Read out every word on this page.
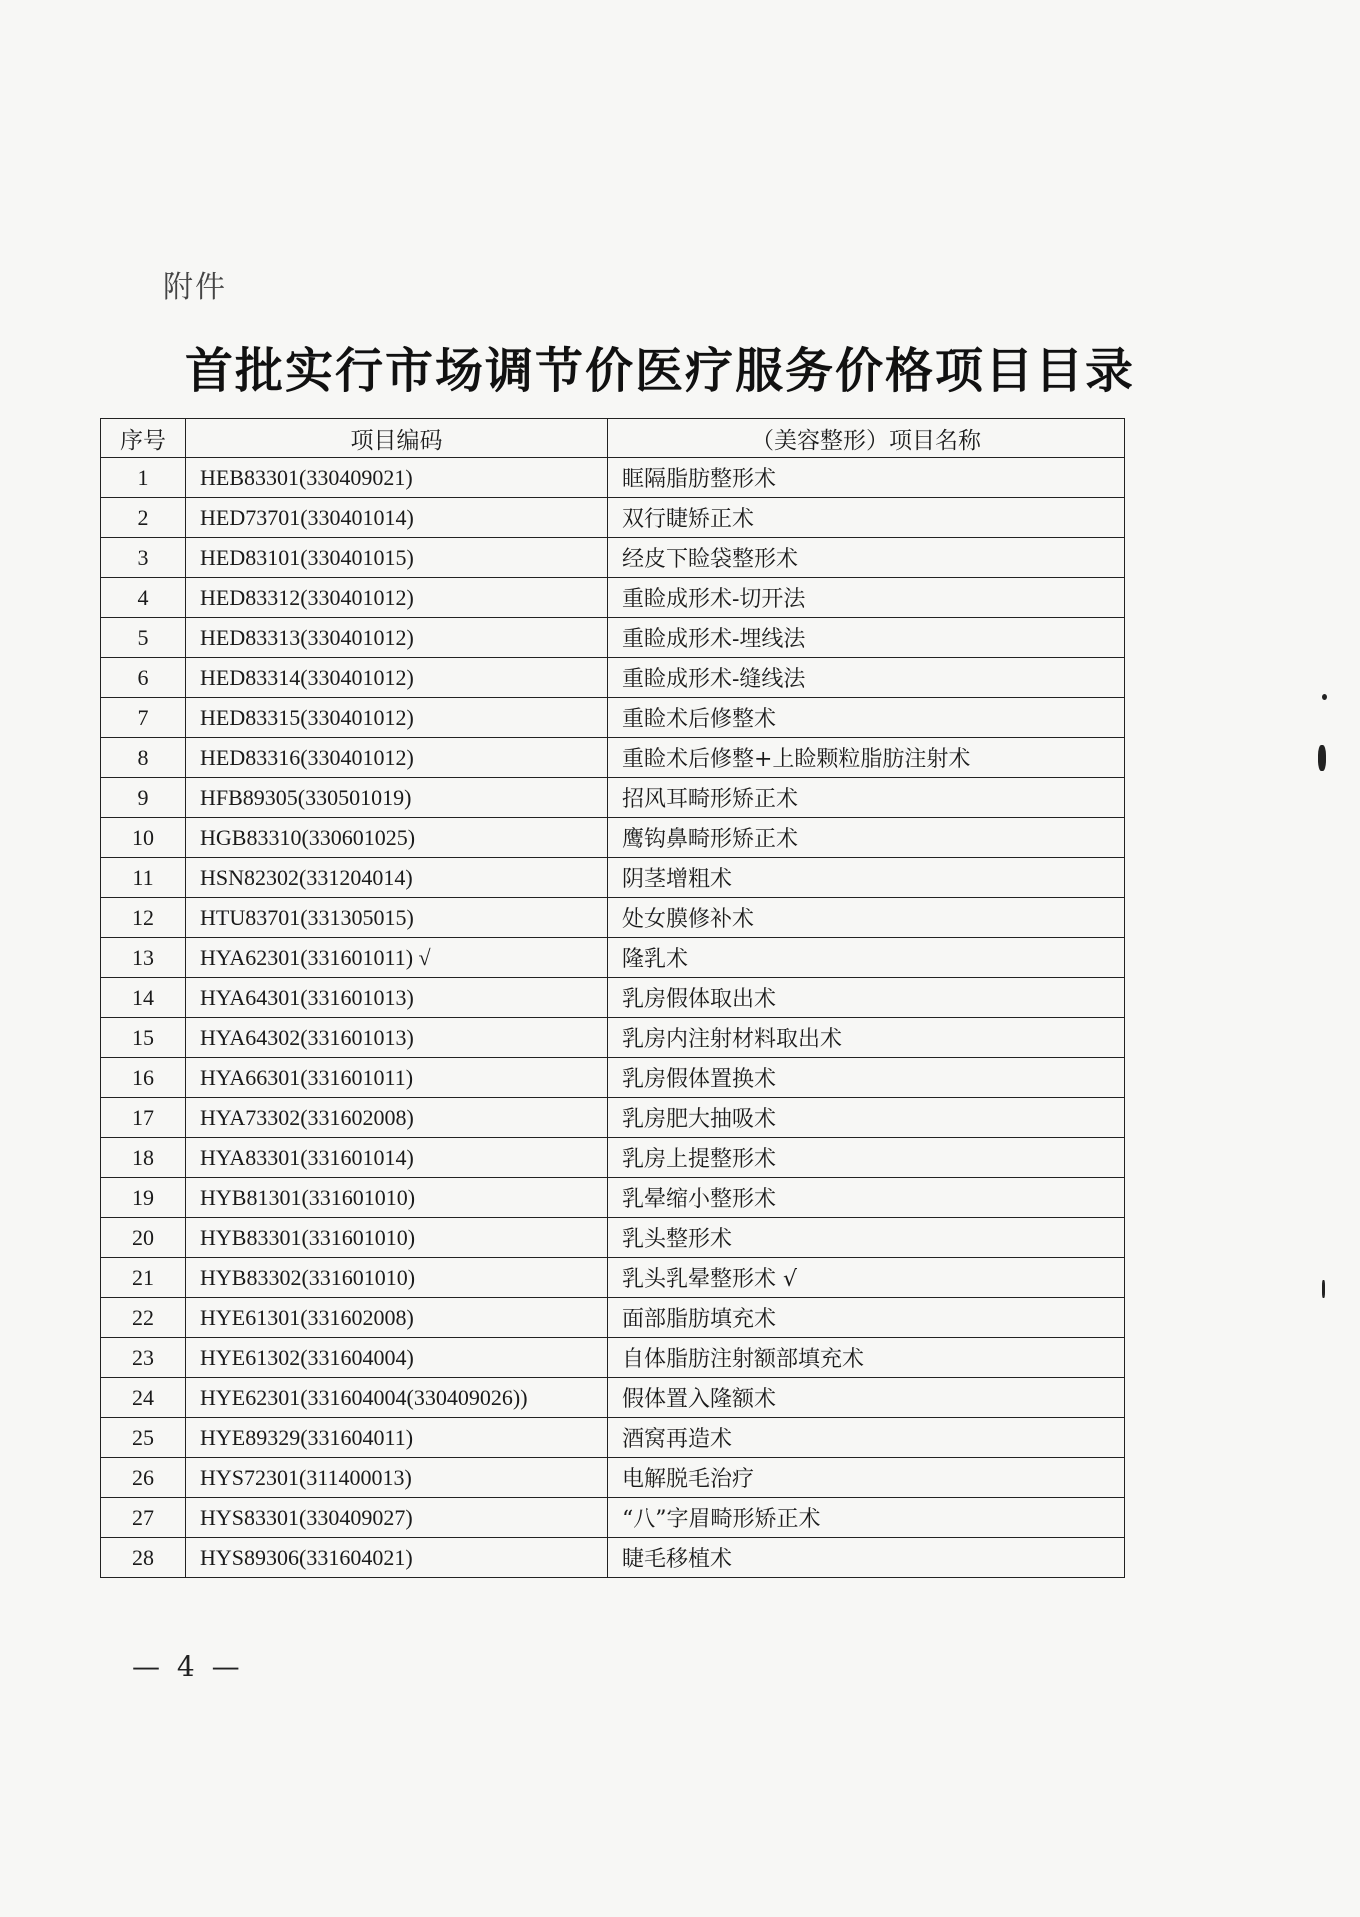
附件
首批实行市场调节价医疗服务价格项目目录
序号	项目编码	（美容整形）项目名称
1	HEB83301(330409021)	眶隔脂肪整形术
2	HED73701(330401014)	双行睫矫正术
3	HED83101(330401015)	经皮下睑袋整形术
4	HED83312(330401012)	重睑成形术-切开法
5	HED83313(330401012)	重睑成形术-埋线法
6	HED83314(330401012)	重睑成形术-缝线法
7	HED83315(330401012)	重睑术后修整术
8	HED83316(330401012)	重睑术后修整+上睑颗粒脂肪注射术
9	HFB89305(330501019)	招风耳畸形矫正术
10	HGB83310(330601025)	鹰钩鼻畸形矫正术
11	HSN82302(331204014)	阴茎增粗术
12	HTU83701(331305015)	处女膜修补术
13	HYA62301(331601011) √	隆乳术
14	HYA64301(331601013)	乳房假体取出术
15	HYA64302(331601013)	乳房内注射材料取出术
16	HYA66301(331601011)	乳房假体置换术
17	HYA73302(331602008)	乳房肥大抽吸术
18	HYA83301(331601014)	乳房上提整形术
19	HYB81301(331601010)	乳晕缩小整形术
20	HYB83301(331601010)	乳头整形术
21	HYB83302(331601010)	乳头乳晕整形术 √
22	HYE61301(331602008)	面部脂肪填充术
23	HYE61302(331604004)	自体脂肪注射额部填充术
24	HYE62301(331604004(330409026))	假体置入隆额术
25	HYE89329(331604011)	酒窝再造术
26	HYS72301(311400013)	电解脱毛治疗
27	HYS83301(330409027)	“八”字眉畸形矫正术
28	HYS89306(331604021)	睫毛移植术
— 4 —
